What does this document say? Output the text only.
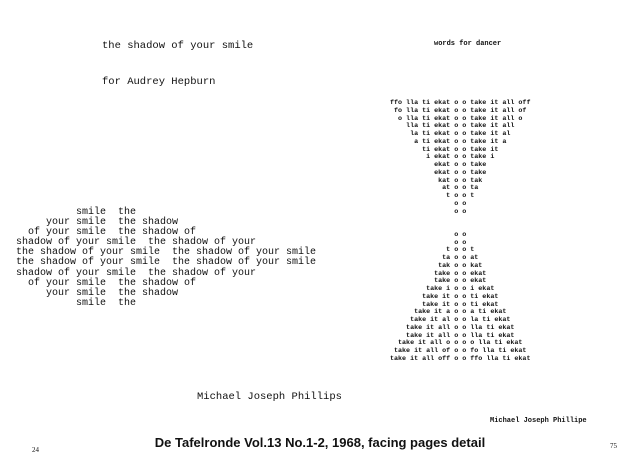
the shadow of your smile

for Audrey Hepburn

words for dancer
smile  the
your smile  the shadow
of your smile  the shadow of
shadow of your smile  the shadow of your
the shadow of your smile  the shadow of your smile
the shadow of your smile  the shadow of your smile
shadow of your smile  the shadow of your
of your smile  the shadow of
your smile  the shadow
smile  the
ffo lla ti ekat o o take it all off
fo lla ti ekat o o take it all of
o lla ti ekat o o take it all o
lla ti ekat o o take it all
la ti ekat o o take it al
a ti ekat o o take it a
ti ekat o o take it
i ekat o o take i
ekat o o take
ekat o o take
kat o o tak
at o o ta
t o o t
o o
o o

o o
o o
t o o t
ta o o at
tak o o kat
take o o ekat
take o o ekat
take i o o i ekat
take it o o ti ekat
take it o o ti ekat
take it a o o a ti ekat
take it al o o la ti ekat
take it all o o lla ti ekat
take it all o o lla ti ekat
take it all o o o o lla ti ekat
take it all of o o fo lla ti ekat
take it all off o o ffo lla ti ekat
Michael Joseph Phillips
Michael Joseph Phillipe
De Tafelronde Vol.13 No.1-2, 1968, facing pages detail
24	75
